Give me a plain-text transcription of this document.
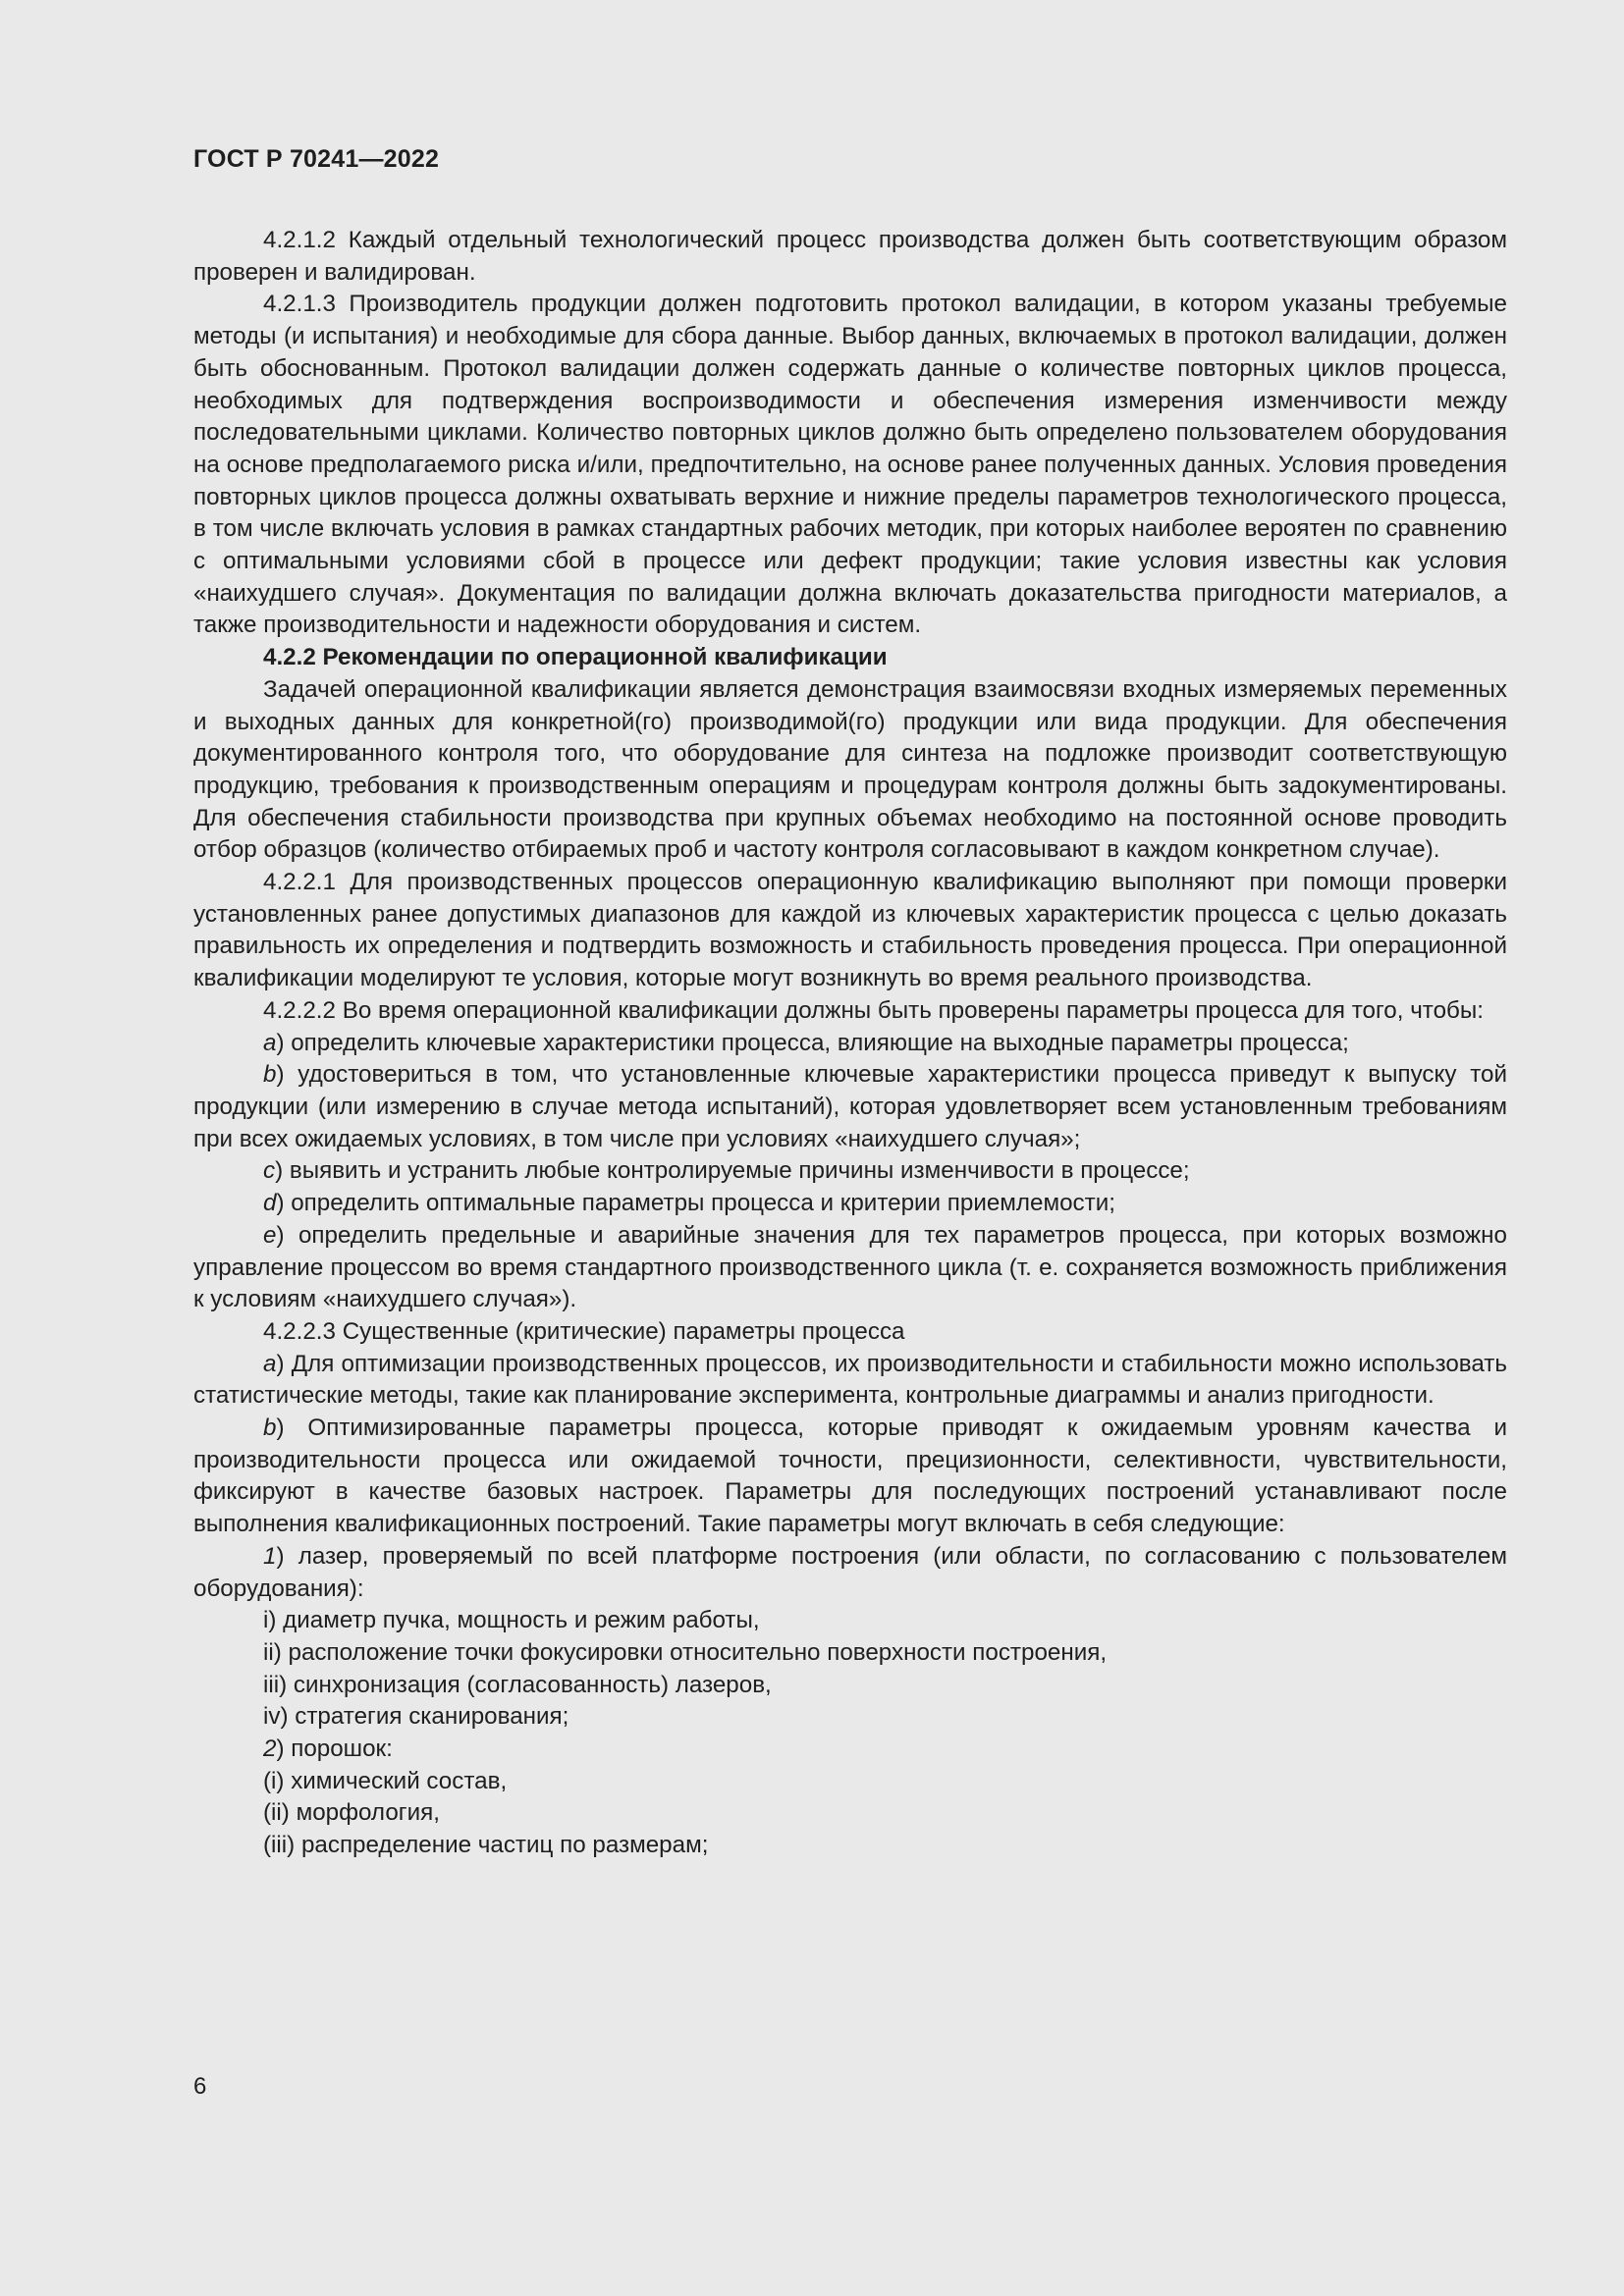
ГОСТ Р 70241—2022

4.2.1.2 Каждый отдельный технологический процесс производства должен быть соответствующим образом проверен и валидирован.

4.2.1.3 Производитель продукции должен подготовить протокол валидации, в котором указаны требуемые методы (и испытания) и необходимые для сбора данные. Выбор данных, включаемых в протокол валидации, должен быть обоснованным. Протокол валидации должен содержать данные о количестве повторных циклов процесса, необходимых для подтверждения воспроизводимости и обеспечения измерения изменчивости между последовательными циклами. Количество повторных циклов должно быть определено пользователем оборудования на основе предполагаемого риска и/или, предпочтительно, на основе ранее полученных данных. Условия проведения повторных циклов процесса должны охватывать верхние и нижние пределы параметров технологического процесса, в том числе включать условия в рамках стандартных рабочих методик, при которых наиболее вероятен по сравнению с оптимальными условиями сбой в процессе или дефект продукции; такие условия известны как условия «наихудшего случая». Документация по валидации должна включать доказательства пригодности материалов, а также производительности и надежности оборудования и систем.

4.2.2 Рекомендации по операционной квалификации

Задачей операционной квалификации является демонстрация взаимосвязи входных измеряемых переменных и выходных данных для конкретной(го) производимой(го) продукции или вида продукции. Для обеспечения документированного контроля того, что оборудование для синтеза на подложке производит соответствующую продукцию, требования к производственным операциям и процедурам контроля должны быть задокументированы. Для обеспечения стабильности производства при крупных объемах необходимо на постоянной основе проводить отбор образцов (количество отбираемых проб и частоту контроля согласовывают в каждом конкретном случае).

4.2.2.1 Для производственных процессов операционную квалификацию выполняют при помощи проверки установленных ранее допустимых диапазонов для каждой из ключевых характеристик процесса с целью доказать правильность их определения и подтвердить возможность и стабильность проведения процесса. При операционной квалификации моделируют те условия, которые могут возникнуть во время реального производства.

4.2.2.2 Во время операционной квалификации должны быть проверены параметры процесса для того, чтобы:

a) определить ключевые характеристики процесса, влияющие на выходные параметры процесса;

b) удостовериться в том, что установленные ключевые характеристики процесса приведут к выпуску той продукции (или измерению в случае метода испытаний), которая удовлетворяет всем установленным требованиям при всех ожидаемых условиях, в том числе при условиях «наихудшего случая»;

c) выявить и устранить любые контролируемые причины изменчивости в процессе;

d) определить оптимальные параметры процесса и критерии приемлемости;

e) определить предельные и аварийные значения для тех параметров процесса, при которых возможно управление процессом во время стандартного производственного цикла (т. е. сохраняется возможность приближения к условиям «наихудшего случая»).

4.2.2.3 Существенные (критические) параметры процесса

a) Для оптимизации производственных процессов, их производительности и стабильности можно использовать статистические методы, такие как планирование эксперимента, контрольные диаграммы и анализ пригодности.

b) Оптимизированные параметры процесса, которые приводят к ожидаемым уровням качества и производительности процесса или ожидаемой точности, прецизионности, селективности, чувствительности, фиксируют в качестве базовых настроек. Параметры для последующих построений устанавливают после выполнения квалификационных построений. Такие параметры могут включать в себя следующие:

1) лазер, проверяемый по всей платформе построения (или области, по согласованию с пользователем оборудования):

i) диаметр пучка, мощность и режим работы,

ii) расположение точки фокусировки относительно поверхности построения,

iii) синхронизация (согласованность) лазеров,

iv) стратегия сканирования;

2) порошок:

(i) химический состав,

(ii) морфология,

(iii) распределение частиц по размерам;

6
